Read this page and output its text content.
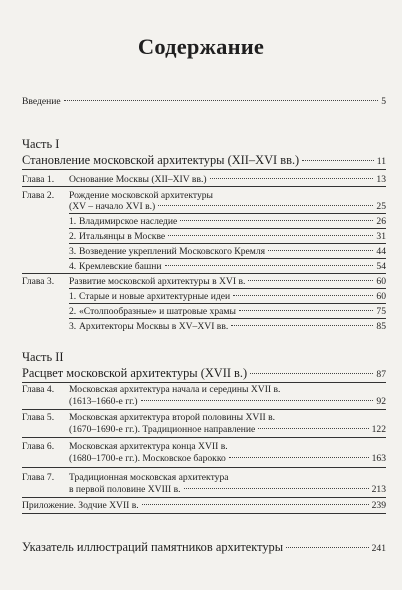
Содержание
Введение	5
Часть I
Становление московской архитектуры (XII–XVI вв.)	11
Глава 1. Основание Москвы (XII–XIV вв.)	13
Глава 2. Рождение московской архитектуры
(XV – начало XVI в.)	25
1. Владимирское наследие	26
2. Итальянцы в Москве	31
3. Возведение укреплений Московского Кремля	44
4. Кремлевские башни	54
Глава 3. Развитие московской архитектуры в XVI в.	60
1. Старые и новые архитектурные идеи	60
2. «Столпообразные» и шатровые храмы	75
3. Архитекторы Москвы в XV–XVI вв.	85
Часть II
Расцвет московской архитектуры (XVII в.)	87
Глава 4. Московская архитектура начала и середины XVII в.
(1613–1660-е гг.)	92
Глава 5. Московская архитектура второй половины XVII в.
(1670–1690-е гг.). Традиционное направление	122
Глава 6. Московская архитектура конца XVII в.
(1680–1700-е гг.). Московское барокко	163
Глава 7. Традиционная московская архитектура
в первой половине XVIII в.	213
Приложение. Зодчие XVII в.	239
Указатель иллюстраций памятников архитектуры	241
